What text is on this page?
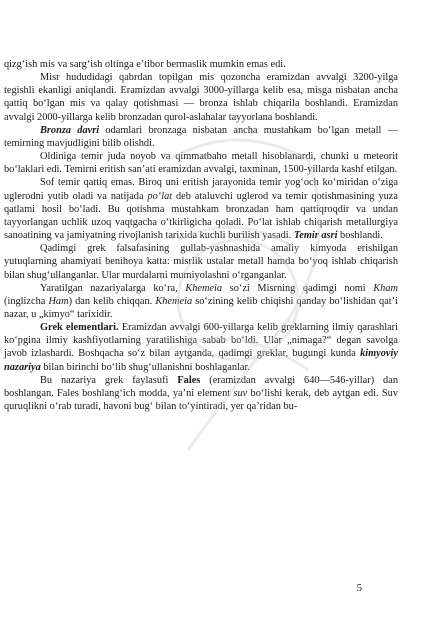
qizg‘ish mis va sarg‘ish oltinga e’tibor bermaslik mumkin emas edi.

Misr hududidagi qabrdan topilgan mis qozoncha eramizdan avvalgi 3200-yilga tegishli ekanligi aniqlandi. Eramizdan avvalgi 3000-yillarga kelib esa, misga nisbatan ancha qattiq bo‘lgan mis va qalay qotishmasi — bronza ishlab chiqarila boshlandi. Eramizdan avvalgi 2000-yillarga kelib bronzadan qurol-aslahalar tayyorlana boshlandi.

Bronza davri odamlari bronzaga nisbatan ancha mustahkam bo‘lgan metall — temirning mavjudligini bilib olishdi.

Oldiniga temir juda noyob va qimmatbaho metall hisoblanardi, chunki u meteorit bo‘laklari edi. Temirni eritish san’ati eramizdan avvalgi, taxminan, 1500-yillarda kashf etilgan.

Sof temir qattiq emas. Biroq uni eritish jarayonida temir yog‘och ko‘miridan o‘ziga uglerodni yutib oladi va natijada po‘lat deb ataluvchi uglerod va temir qotishmasining yuza qatlami hosil bo‘ladi. Bu qotishma mustahkam bronzadan ham qattiqroqdir va undan tayyorlangan uchlik uzoq vaqtgacha o‘tkirligicha qoladi. Po‘lat ishlab chiqarish metallurgiya sanoatining va jamiyatning rivojlanish tarixida kuchli burilish yasadi. Temir asri boshlandi.

Qadimgi grek falsafasining gullab-yashnashida amaliy kimyoda erishilgan yutuqlarning ahamiyati benihoya katta: misrlik ustalar metall hamda bo‘yoq ishlab chiqarish bilan shug‘ullanganlar. Ular murdalarni mumiyolashni o‘rganganlar.

Yaratilgan nazariyalarga ko‘ra, Khemeia so‘zi Misrning qadimgi nomi Kham (inglizcha Ham) dan kelib chiqqan. Khemeia so‘zining kelib chiqishi qanday bo‘lishidan qat’i nazar, u „kimyo“ tarixidir.

Grek elementlari. Eramizdan avvalgi 600-yillarga kelib greklarning ilmiy qarashlari ko‘pgina ilmiy kashfiyotlarning yaratilishiga sabab bo‘ldi. Ular „nimaga?“ degan savolga javob izlashardi. Boshqacha so‘z bilan aytganda, qadimgi greklar, bugungi kunda kimyoviy nazariya bilan birinchi bo‘lib shug‘ullanishni boshlaganlar.

Bu nazariya grek faylasufi Fales (eramizdan avvalgi 640—546-yillar) dan boshlangan. Fales boshlang‘ich modda, ya’ni element suv bo‘lishi kerak, deb aytgan edi. Suv quruqlikni o‘rab turadi, havoni bug‘ bilan to‘yintiradi, yer qa’ridan bu-

5
